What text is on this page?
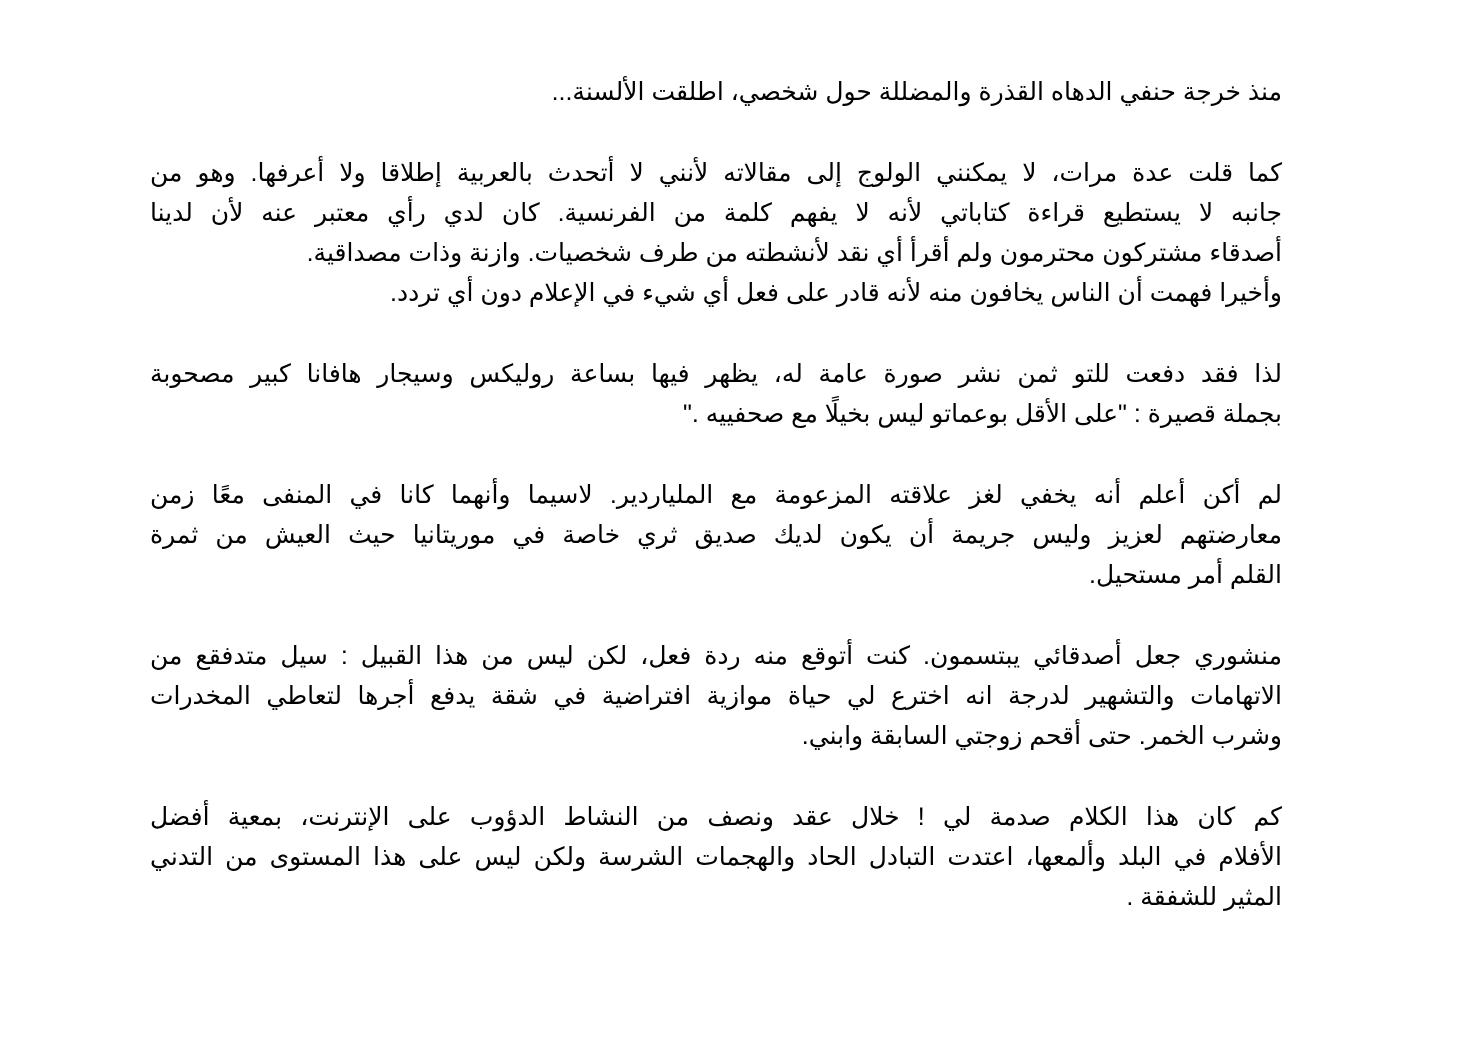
منذ خرجة حنفي الدهاه القذرة والمضللة حول شخصي، اطلقت الألسنة...

كما قلت عدة مرات، لا يمكنني الولوج إلى مقالاته لأنني لا أتحدث بالعربية إطلاقا ولا أعرفها. وهو من
جانبه لا يستطيع قراءة كتاباتي لأنه لا يفهم كلمة من الفرنسية. كان لدي رأي معتبر عنه لأن لدينا
أصدقاء مشتركون محترمون ولم أقرأ أي نقد لأنشطته من طرف شخصيات. وازنة وذات مصداقية.
وأخيرا فهمت أن الناس يخافون منه لأنه قادر على فعل أي شيء في الإعلام دون أي تردد.

لذا فقد دفعت للتو ثمن نشر صورة عامة له، يظهر فيها بساعة روليكس وسيجار هافانا كبير مصحوبة
بجملة قصيرة : "على الأقل بوعماتو ليس بخيلًا مع صحفييه ."

لم أكن أعلم أنه يخفي لغز علاقته المزعومة مع الملياردير. لاسيما وأنهما كانا في المنفى معًا زمن
معارضتهم لعزيز وليس جريمة أن يكون لديك صديق ثري خاصة في موريتانيا حيث العيش من ثمرة
القلم أمر مستحيل.

منشوري جعل أصدقائي يبتسمون. كنت أتوقع منه ردة فعل، لكن ليس من هذا القبيل : سيل متدفقع من
الاتهامات والتشهير لدرجة انه اخترع لي حياة موازية افتراضية في شقة يدفع أجرها لتعاطي المخدرات
وشرب الخمر. حتى أقحم زوجتي السابقة وابني.

كم كان هذا الكلام صدمة لي ! خلال عقد ونصف من النشاط الدؤوب على الإنترنت، بمعية أفضل
الأفلام في البلد وألمعها، اعتدت التبادل الحاد والهجمات الشرسة ولكن ليس على هذا المستوى من التدني
المثير للشفقة .
